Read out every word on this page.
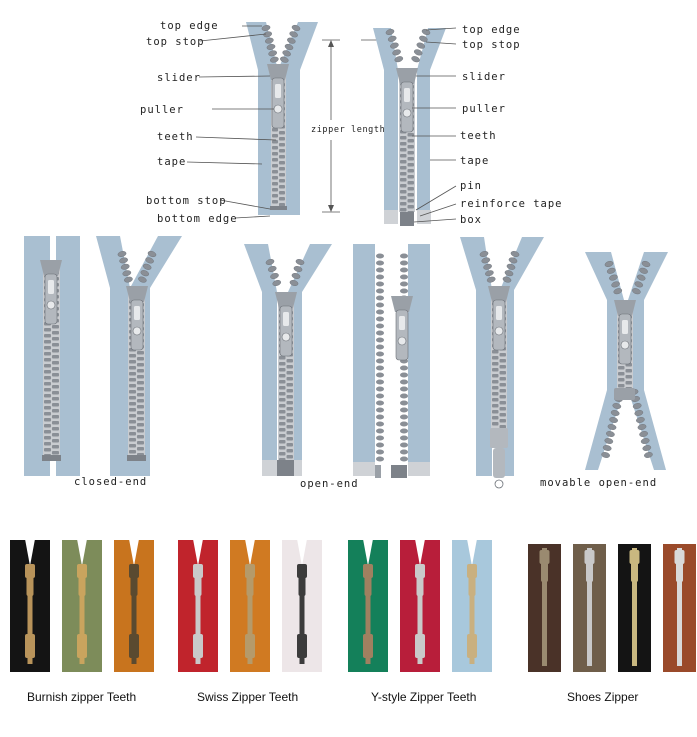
top edge
top stop
slider
puller
teeth
tape
bottom stop
bottom edge
zipper length
top edge
top stop
slider
puller
teeth
tape
pin
reinforce tape
box
closed-end	open-end	movable open-end
Burnish zipper Teeth	Swiss Zipper Teeth	Y-style Zipper Teeth	Shoes Zipper
